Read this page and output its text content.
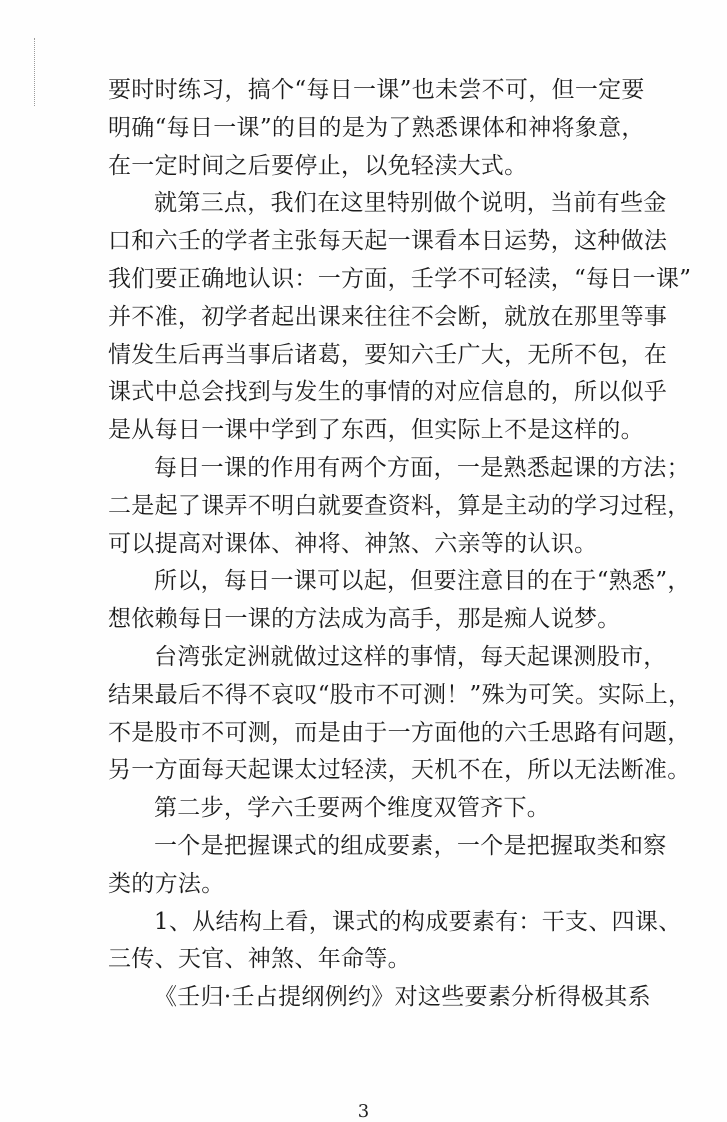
要时时练习，搞个“每日一课”也未尝不可，但一定要
明确“每日一课”的目的是为了熟悉课体和神将象意，
在一定时间之后要停止，以免轻渎大式。
就第三点，我们在这里特别做个说明，当前有些金
口和六壬的学者主张每天起一课看本日运势，这种做法
我们要正确地认识：一方面，壬学不可轻渎，“每日一课”
并不准，初学者起出课来往往不会断，就放在那里等事
情发生后再当事后诸葛，要知六壬广大，无所不包，在
课式中总会找到与发生的事情的对应信息的，所以似乎
是从每日一课中学到了东西，但实际上不是这样的。
每日一课的作用有两个方面，一是熟悉起课的方法；
二是起了课弄不明白就要查资料，算是主动的学习过程，
可以提高对课体、神将、神煞、六亲等的认识。
所以，每日一课可以起，但要注意目的在于“熟悉”，
想依赖每日一课的方法成为高手，那是痴人说梦。
台湾张定洲就做过这样的事情，每天起课测股市，
结果最后不得不哀叹“股市不可测！”殊为可笑。实际上，
不是股市不可测，而是由于一方面他的六壬思路有问题，
另一方面每天起课太过轻渎，天机不在，所以无法断准。
第二步，学六壬要两个维度双管齐下。
一个是把握课式的组成要素，一个是把握取类和察
类的方法。
1、从结构上看，课式的构成要素有：干支、四课、
三传、天官、神煞、年命等。
《壬归·壬占提纲例约》对这些要素分析得极其系
3
